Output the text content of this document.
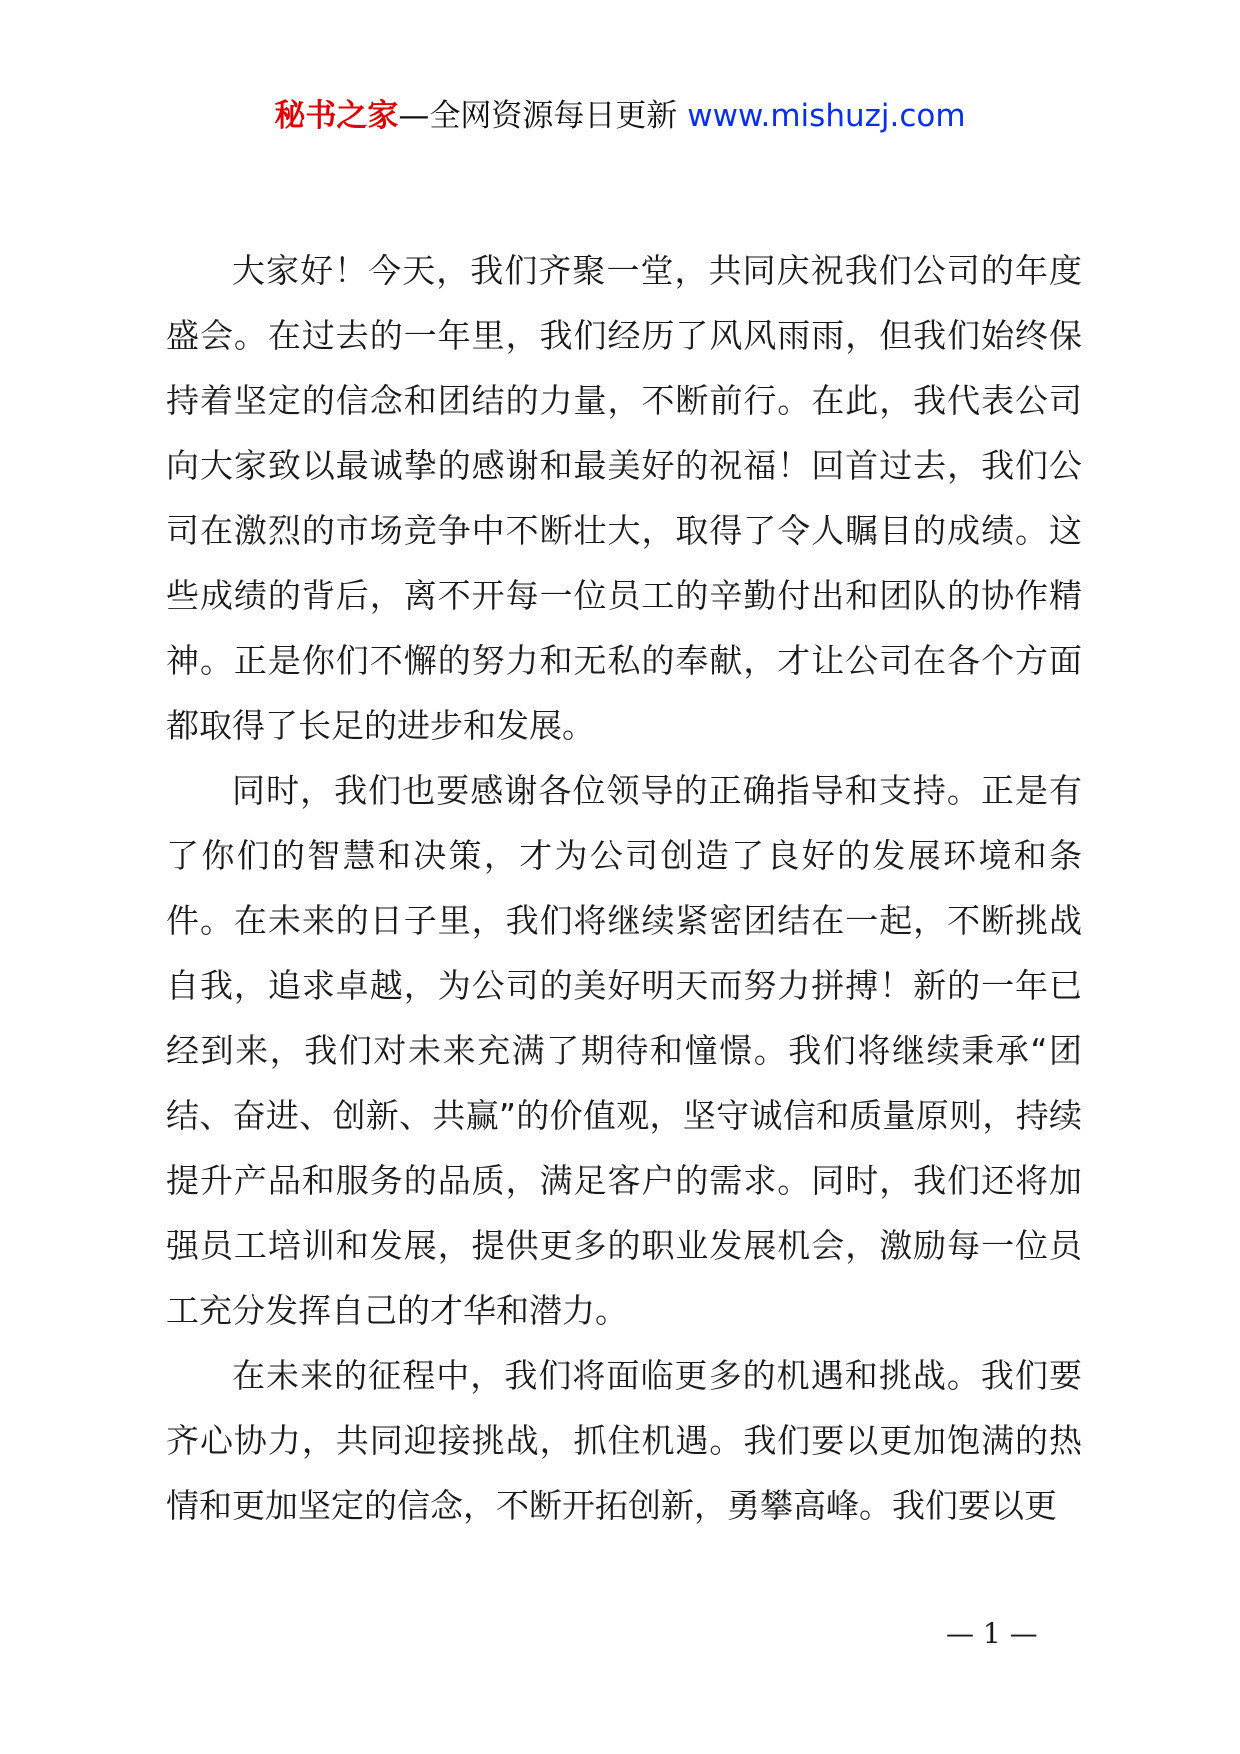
秘书之家—全网资源每日更新 www.mishuzj.com

大家好！今天，我们齐聚一堂，共同庆祝我们公司的年度盛会。在过去的一年里，我们经历了风风雨雨，但我们始终保持着坚定的信念和团结的力量，不断前行。在此，我代表公司向大家致以最诚挚的感谢和最美好的祝福！回首过去，我们公司在激烈的市场竞争中不断壮大，取得了令人瞩目的成绩。这些成绩的背后，离不开每一位员工的辛勤付出和团队的协作精神。正是你们不懈的努力和无私的奉献，才让公司在各个方面都取得了长足的进步和发展。

同时，我们也要感谢各位领导的正确指导和支持。正是有了你们的智慧和决策，才为公司创造了良好的发展环境和条件。在未来的日子里，我们将继续紧密团结在一起，不断挑战自我，追求卓越，为公司的美好明天而努力拼搏！新的一年已经到来，我们对未来充满了期待和憧憬。我们将继续秉承“团结、奋进、创新、共赢”的价值观，坚守诚信和质量原则，持续提升产品和服务的品质，满足客户的需求。同时，我们还将加强员工培训和发展，提供更多的职业发展机会，激励每一位员工充分发挥自己的才华和潜力。

在未来的征程中，我们将面临更多的机遇和挑战。我们要齐心协力，共同迎接挑战，抓住机遇。我们要以更加饱满的热情和更加坚定的信念，不断开拓创新，勇攀高峰。我们要以更

— 1 —
